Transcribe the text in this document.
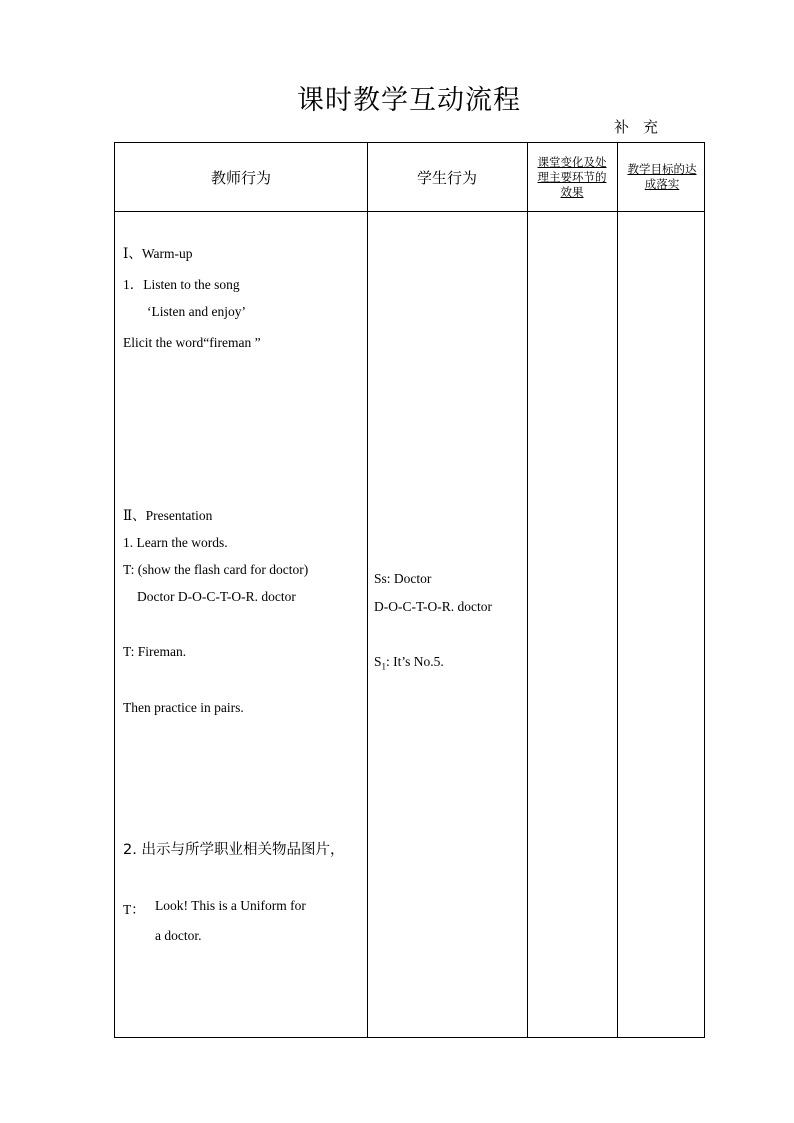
课时教学互动流程
补充
教师行为	学生行为
课堂变化及处理主要环节的效果
教学目标的达成落实
Ⅰ、Warm-up
1．Listen to the song
‘Listen and enjoy’
Elicit the word“fireman ”
Ⅱ、Presentation
1. Learn the words.
T: (show the flash card for doctor)
Doctor D-O-C-T-O-R. doctor
T: Fireman.
Then practice in pairs.
2. 出示与所学职业相关物品图片，
T： Look! This is a Uniform for
a doctor.
Ss: Doctor
D-O-C-T-O-R. doctor
$S_1$: It’s No.5.
